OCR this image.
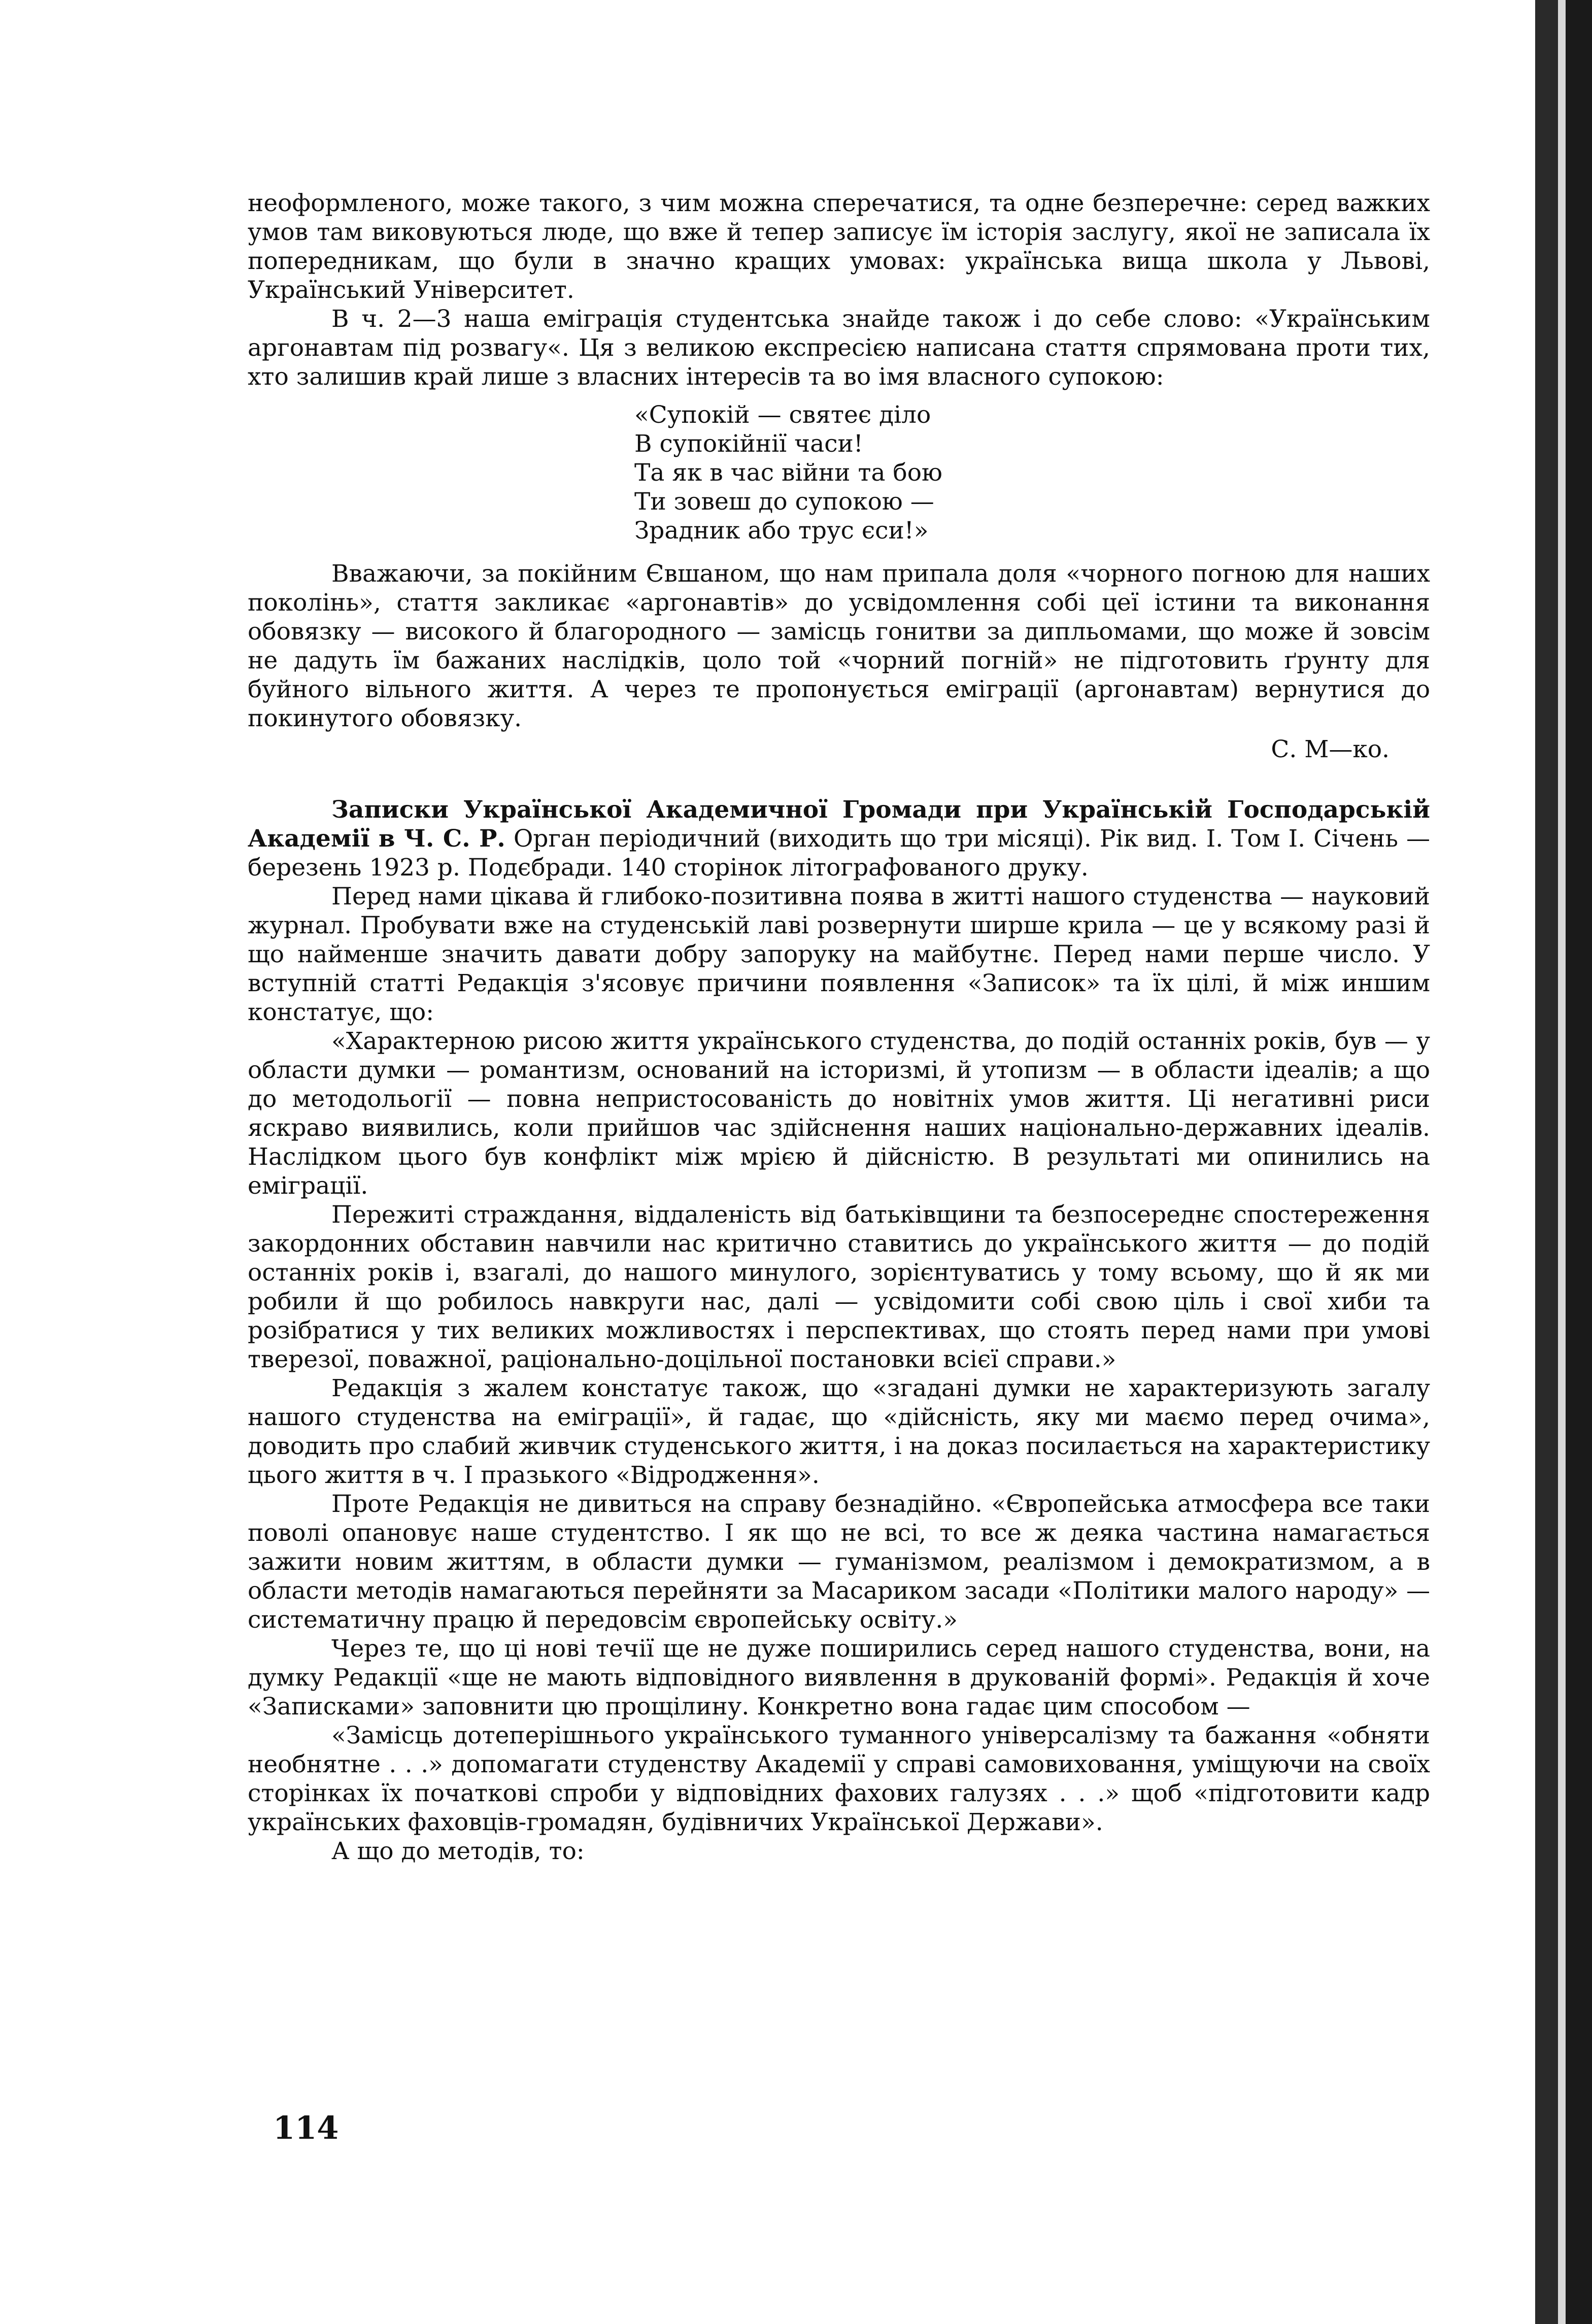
неоформленого, може такого, з чим можна сперечатися, та одне безперечне: серед важких умов там виковуються люде, що вже й тепер записує їм історія заслугу, якої не записала їх попередникам, що були в значно кращих умовах: українська вища школа у Львові, Український Університет.

В ч. 2—3 наша еміграція студентська знайде також і до себе слово: «Українським аргонавтам під розвагу«. Ця з великою експресією написана стаття спрямована проти тих, хто залишив край лише з власних інтересів та во імя власного супокою:

«Супокій — святеє діло
В супокійнії часи!
Та як в час війни та бою
Ти зовеш до супокою —
Зрадник або трус єси!»

Вважаючи, за покійним Євшаном, що нам припала доля «чорного погною для наших поколінь», стаття закликає «аргонавтів» до усвідомлення собі цеї істини та виконання обовязку — високого й благородного — замісць гонитви за дипльомами, що може й зовсім не дадуть їм бажаних наслідків, цоло той «чорний погній» не підготовить ґрунту для буйного вільного життя. А через те пропонується еміграції (аргонавтам) вернутися до покинутого обовязку.

С. М—ко.

Записки Української Академичної Громади при Українській Господарській Академії в Ч. С. Р. Орган періодичний (виходить що три місяці). Рік вид. I. Том I. Січень — березень 1923 р. Подєбради. 140 сторінок літографованого друку.

Перед нами цікава й глибоко-позитивна поява в житті нашого студенства — науковий журнал. Пробувати вже на студенській лаві розвернути ширше крила — це у всякому разі й що найменше значить давати добру запоруку на майбутнє. Перед нами перше число. У вступній статті Редакція з'ясовує причини появлення «Записок» та їх цілі, й між иншим констатує, що:

«Характерною рисою життя українського студенства, до подій останніх років, був — у области думки — романтизм, оснований на історизмі, й утопизм — в области ідеалів; а що до методольогії — повна непристосованість до новітніх умов життя. Ці негативні риси яскраво виявились, коли прийшов час здійснення наших національно-державних ідеалів. Наслідком цього був конфлікт між мрією й дійсністю. В результаті ми опинились на еміграції.

Пережиті страждання, віддаленість від батьківщини та безпосереднє спостереження закордонних обставин навчили нас критично ставитись до українського життя — до подій останніх років і, взагалі, до нашого минулого, зорієнтуватись у тому всьому, що й як ми робили й що робилось навкруги нас, далі — усвідомити собі свою ціль і свої хиби та розібратися у тих великих можливостях і перспективах, що стоять перед нами при умові тверезої, поважної, раціонально-доцільної постановки всієї справи.»

Редакція з жалем констатує також, що «згадані думки не характеризують загалу нашого студенства на еміграції», й гадає, що «дійсність, яку ми маємо перед очима», доводить про слабий живчик студенського життя, і на доказ посилається на характеристику цього життя в ч. I празького «Відродження».

Проте Редакція не дивиться на справу безнадійно. «Європейська атмосфера все таки поволі опановує наше студентство. І як що не всі, то все ж деяка частина намагається зажити новим життям, в области думки — гуманізмом, реалізмом і демократизмом, а в области методів намагаються перейняти за Масариком засади «Політики малого народу» — систематичну працю й передовсім європейську освіту.»

Через те, що ці нові течії ще не дуже поширились серед нашого студенства, вони, на думку Редакції «ще не мають відповідного виявлення в друкованій формі». Редакція й хоче «Записками» заповнити цю прощілину. Конкретно вона гадає цим способом —

«Замісць дотеперішнього українського туманного універсалізму та бажання «обняти необнятне . . .» допомагати студенству Академії у справі самовиховання, уміщуючи на своїх сторінках їх початкові спроби у відповідних фахових галузях . . .» щоб «підготовити кадр українських фаховців-громадян, будівничих Української Держави».

А що до методів, то:

114
